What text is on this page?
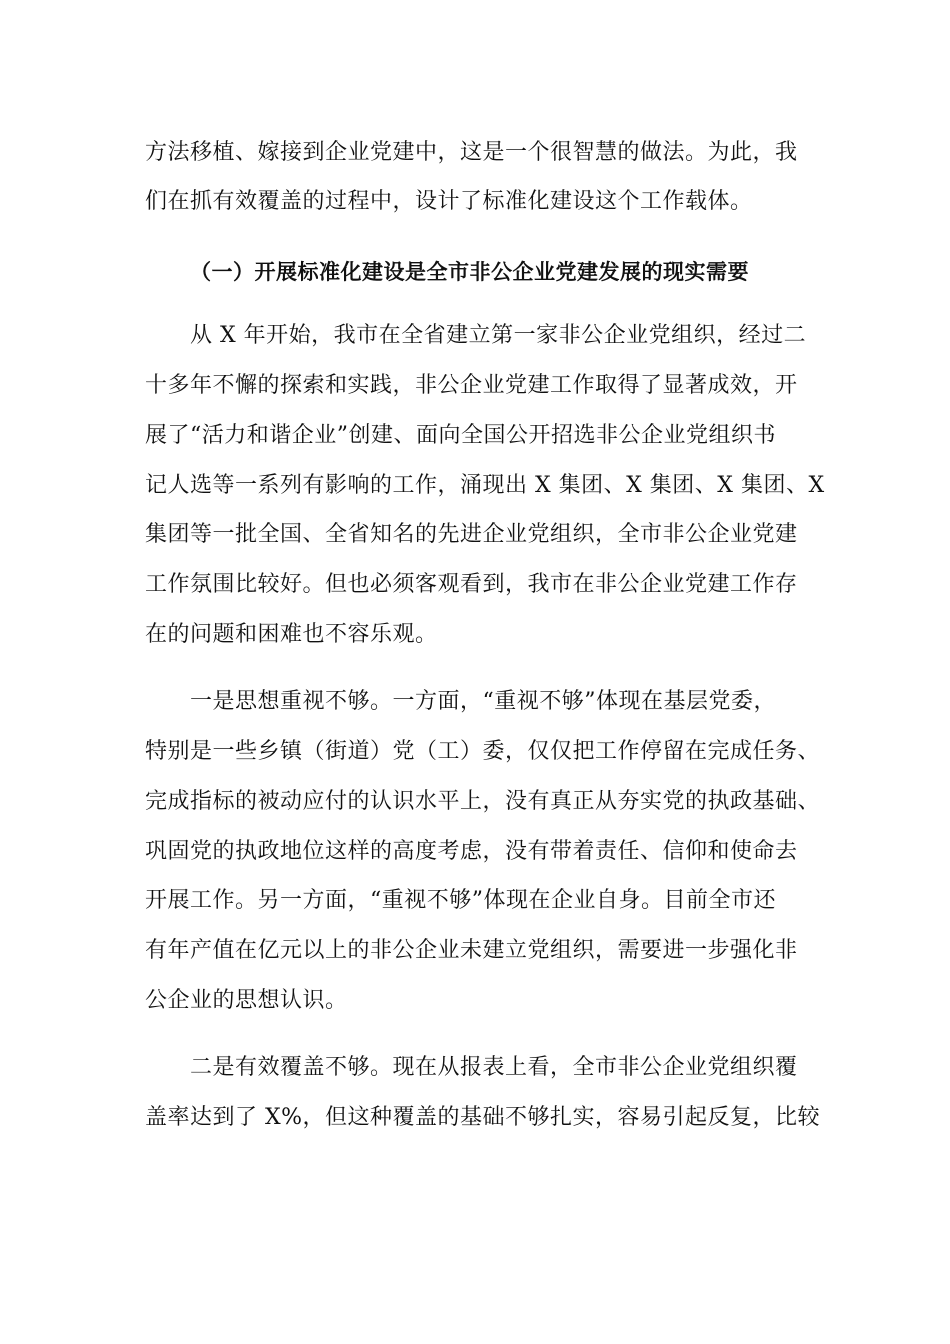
方法移植、嫁接到企业党建中，这是一个很智慧的做法。为此，我
们在抓有效覆盖的过程中，设计了标准化建设这个工作载体。
（一）开展标准化建设是全市非公企业党建发展的现实需要
从 X 年开始，我市在全省建立第一家非公企业党组织，经过二
十多年不懈的探索和实践，非公企业党建工作取得了显著成效，开
展了“活力和谐企业”创建、面向全国公开招选非公企业党组织书
记人选等一系列有影响的工作，涌现出 X 集团、X 集团、X 集团、X
集团等一批全国、全省知名的先进企业党组织，全市非公企业党建
工作氛围比较好。但也必须客观看到，我市在非公企业党建工作存
在的问题和困难也不容乐观。
一是思想重视不够。一方面，“重视不够”体现在基层党委，
特别是一些乡镇（街道）党（工）委，仅仅把工作停留在完成任务、
完成指标的被动应付的认识水平上，没有真正从夯实党的执政基础、
巩固党的执政地位这样的高度考虑，没有带着责任、信仰和使命去
开展工作。另一方面，“重视不够”体现在企业自身。目前全市还
有年产值在亿元以上的非公企业未建立党组织，需要进一步强化非
公企业的思想认识。
二是有效覆盖不够。现在从报表上看，全市非公企业党组织覆
盖率达到了 X%，但这种覆盖的基础不够扎实，容易引起反复，比较
